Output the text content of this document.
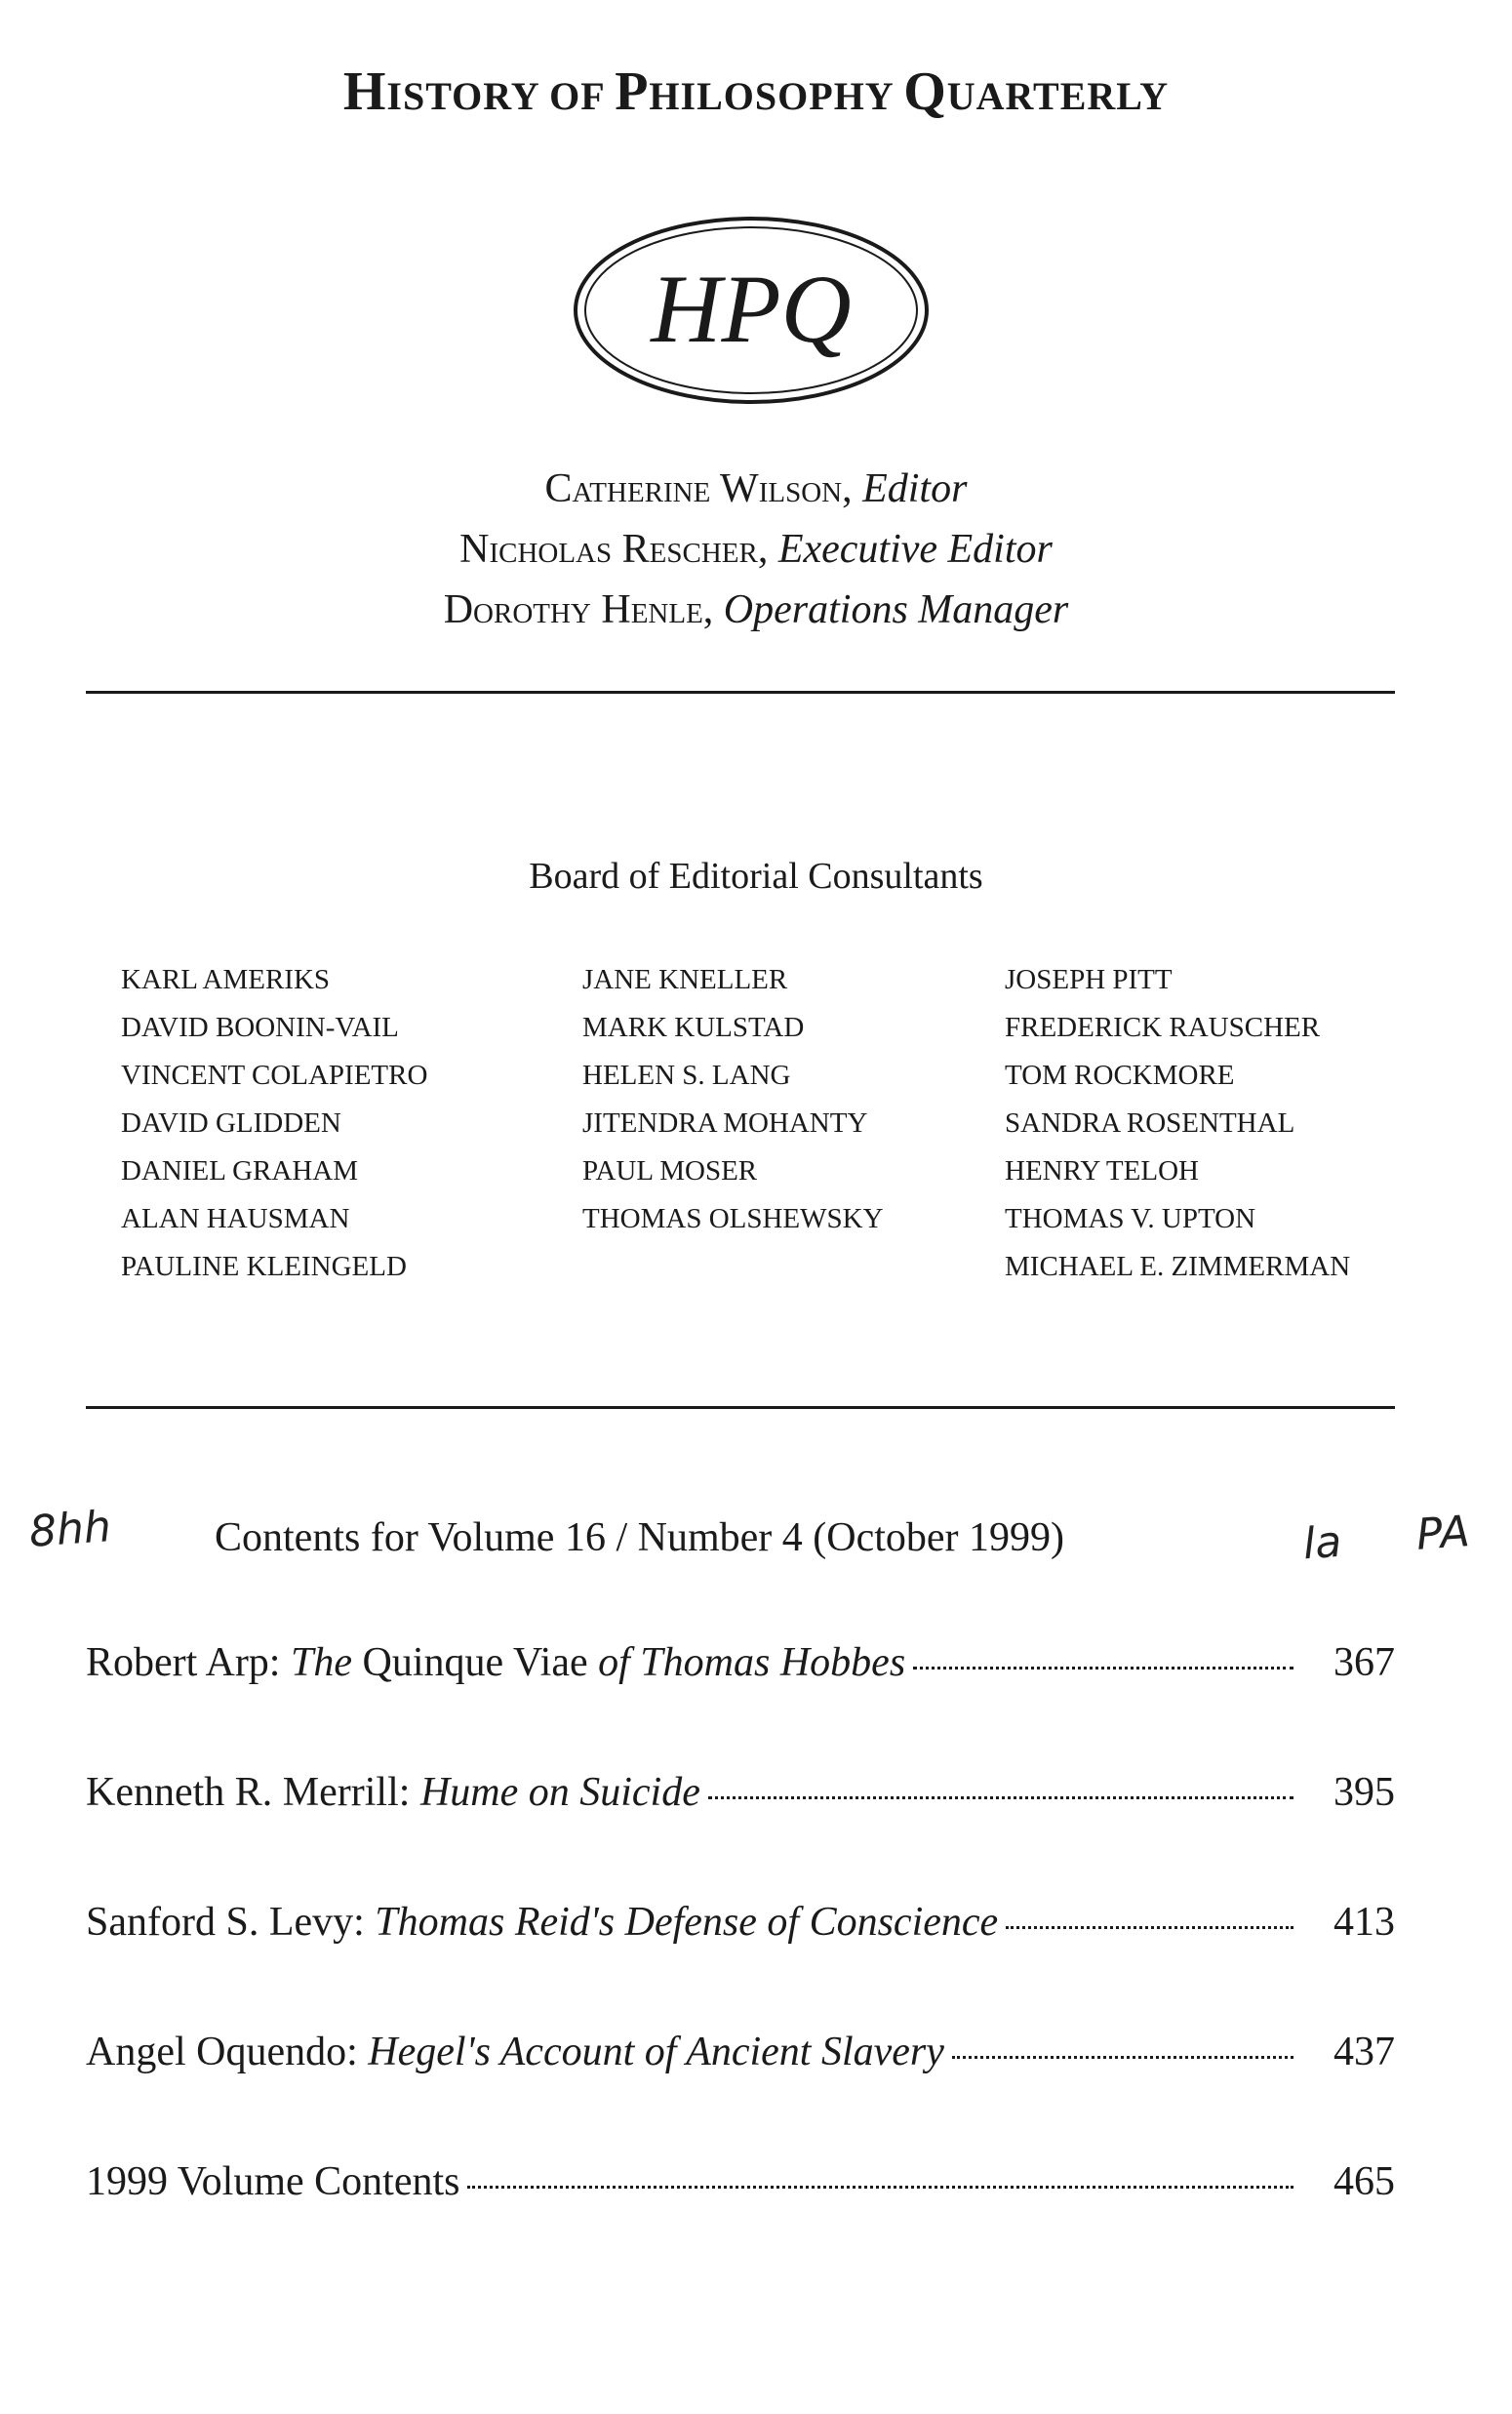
HISTORY OF PHILOSOPHY QUARTERLY
HPQ
Catherine Wilson, Editor
Nicholas Rescher, Executive Editor
Dorothy Henle, Operations Manager
Board of Editorial Consultants
KARL AMERIKS
DAVID BOONIN-VAIL
VINCENT COLAPIETRO
DAVID GLIDDEN
DANIEL GRAHAM
ALAN HAUSMAN
PAULINE KLEINGELD
JANE KNELLER
MARK KULSTAD
HELEN S. LANG
JITENDRA MOHANTY
PAUL MOSER
THOMAS OLSHEWSKY
JOSEPH PITT
FREDERICK RAUSCHER
TOM ROCKMORE
SANDRA ROSENTHAL
HENRY TELOH
THOMAS V. UPTON
MICHAEL E. ZIMMERMAN
8hh Contents for Volume 16 / Number 4 (October 1999)	la PA
Robert Arp: The Quinque Viae of Thomas Hobbes	367
Kenneth R. Merrill: Hume on Suicide	395
Sanford S. Levy: Thomas Reid's Defense of Conscience	413
Angel Oquendo: Hegel's Account of Ancient Slavery	437
1999 Volume Contents	465
